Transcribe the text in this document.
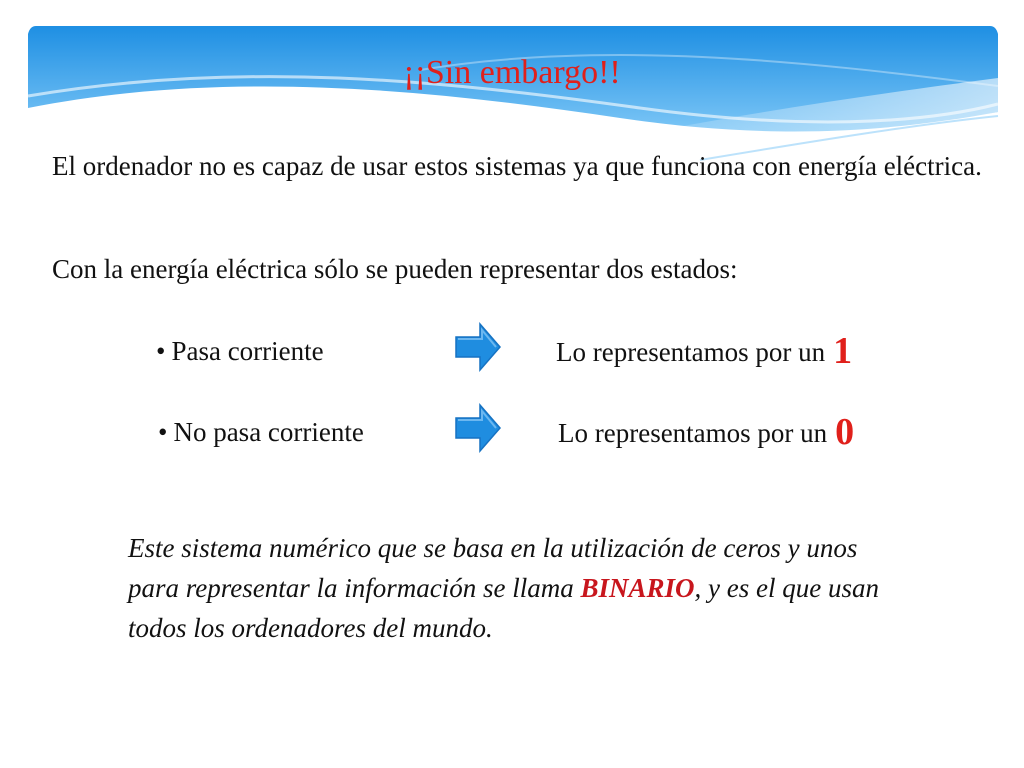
¡¡Sin embargo!!

El ordenador no es capaz de usar estos sistemas ya que funciona con energía eléctrica.

Con la energía eléctrica sólo se pueden representar dos estados:

• Pasa corriente	Lo representamos por un 1
• No pasa corriente	Lo representamos por un 0

Este sistema numérico que se basa en la utilización de ceros y unos para representar la información se llama BINARIO, y es el que usan todos los ordenadores del mundo.
